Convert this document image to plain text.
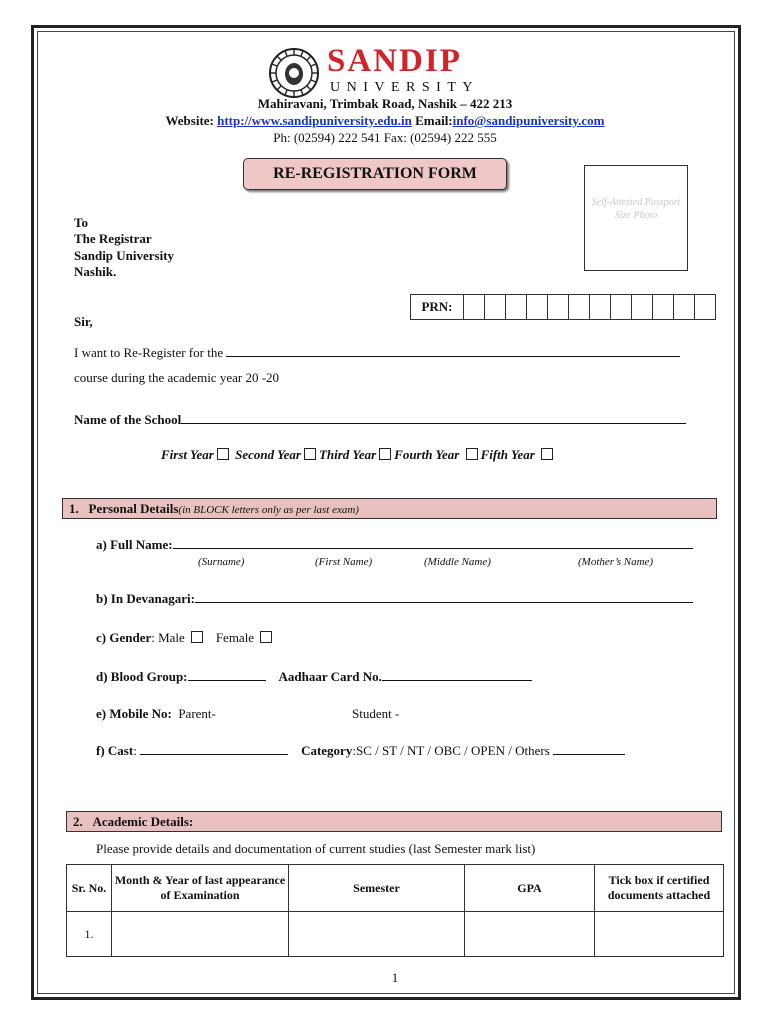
SANDIP
UNIVERSITY
Mahiravani, Trimbak Road, Nashik – 422 213
Website: http://www.sandipuniversity.edu.in Email:info@sandipuniversity.com
Ph: (02594) 222 541 Fax: (02594) 222 555
RE-REGISTRATION FORM
Self-Attested Passport Size Photo
To
The Registrar
Sandip University
Nashik.
Sir,
PRN:												
I want to Re-Register for the
course during the academic year 20 -20
Name of the School
First Year Second Year Third Year Fourth Year Fifth Year
1. Personal Details(in BLOCK letters only as per last exam)
a) Full Name:
(Surname)	(First Name)	(Middle Name)	(Mother’s Name)
b) In Devanagari:
c) Gender: Male Female
d) Blood Group:	Aadhaar Card No.
e) Mobile No: Parent-	Student -
f) Cast:	Category:SC / ST / NT / OBC / OPEN / Others
2. Academic Details:
Please provide details and documentation of current studies (last Semester mark list)
Sr. No.	Month & Year of last appearance of Examination	Semester	GPA	Tick box if certified documents attached
1.				
1
